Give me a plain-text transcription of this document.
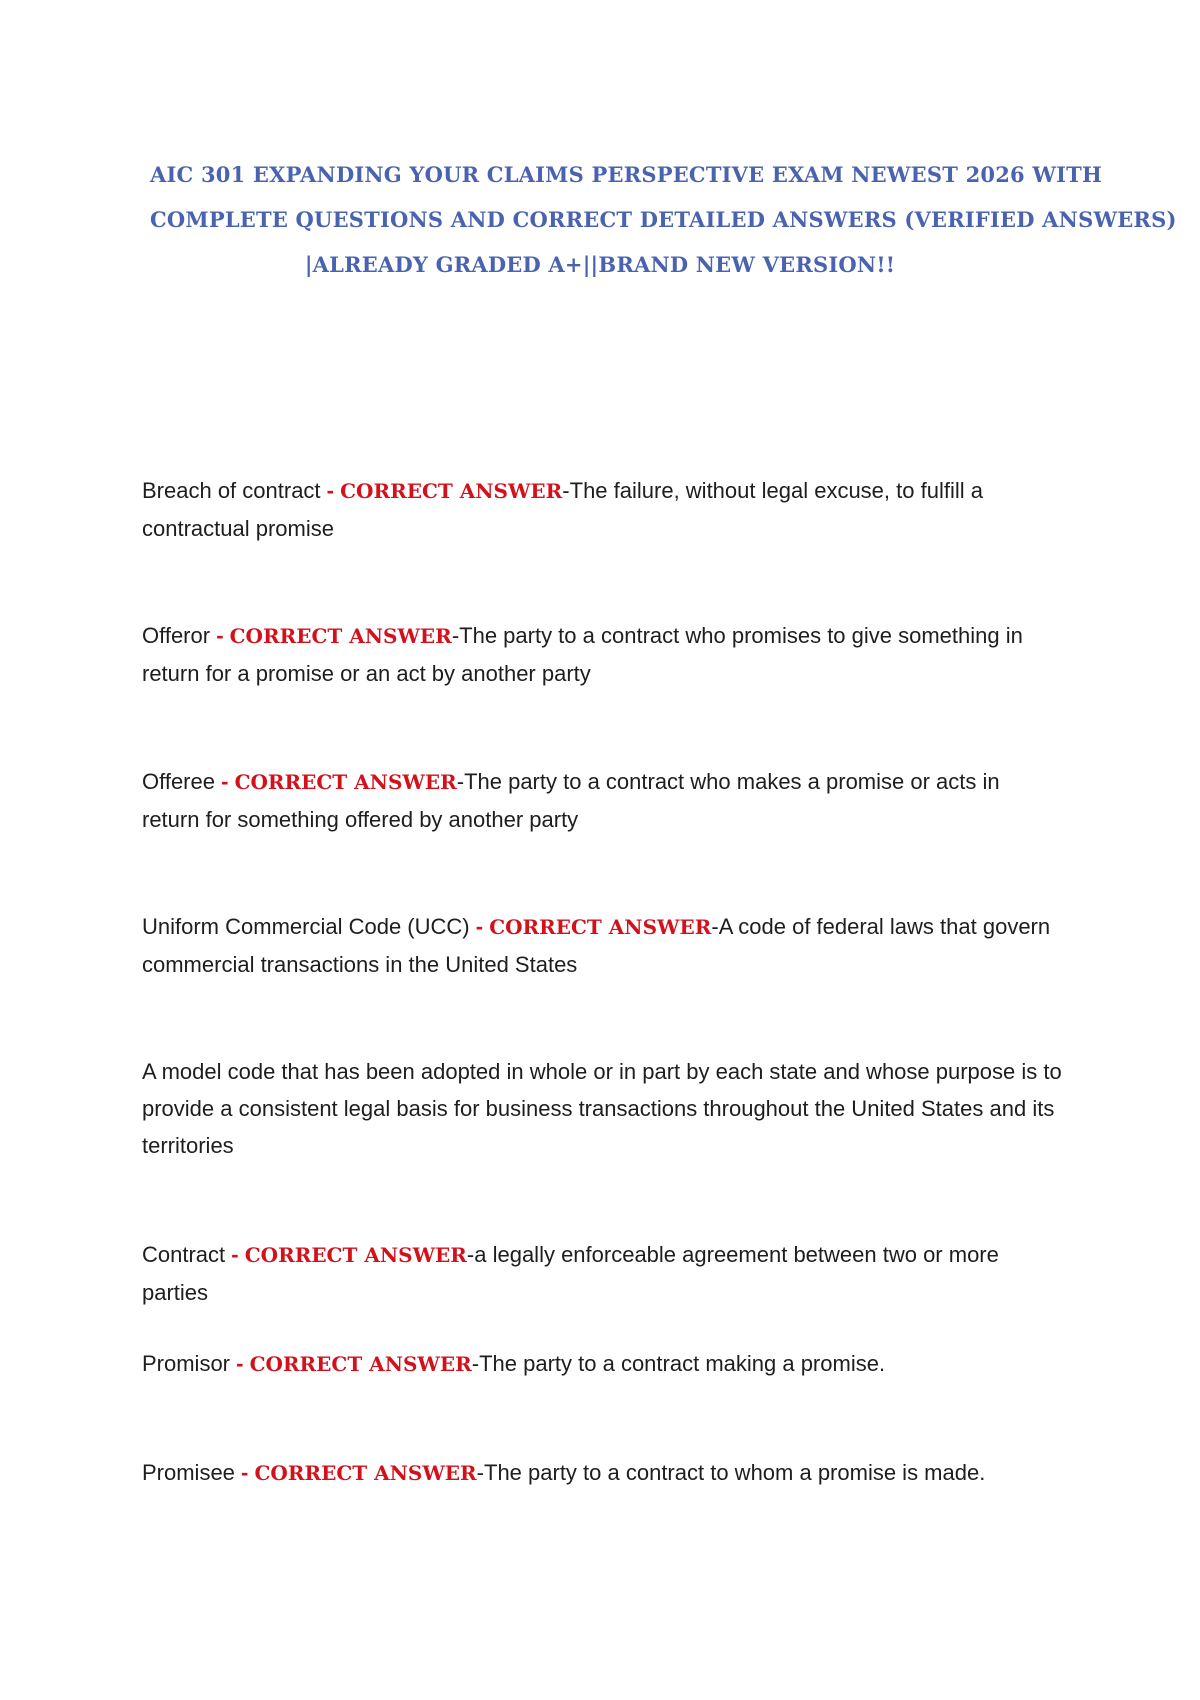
AIC 301 EXPANDING YOUR CLAIMS PERSPECTIVE EXAM NEWEST 2026 WITH
COMPLETE QUESTIONS AND CORRECT DETAILED ANSWERS (VERIFIED ANSWERS)
|ALREADY GRADED A+||BRAND NEW VERSION!!
Breach of contract - CORRECT ANSWER-The failure, without legal excuse, to fulfill a contractual promise
Offeror - CORRECT ANSWER-The party to a contract who promises to give something in return for a promise or an act by another party
Offeree - CORRECT ANSWER-The party to a contract who makes a promise or acts in return for something offered by another party
Uniform Commercial Code (UCC) - CORRECT ANSWER-A code of federal laws that govern commercial transactions in the United States
A model code that has been adopted in whole or in part by each state and whose purpose is to provide a consistent legal basis for business transactions throughout the United States and its territories
Contract - CORRECT ANSWER-a legally enforceable agreement between two or more parties
Promisor - CORRECT ANSWER-The party to a contract making a promise.
Promisee - CORRECT ANSWER-The party to a contract to whom a promise is made.
